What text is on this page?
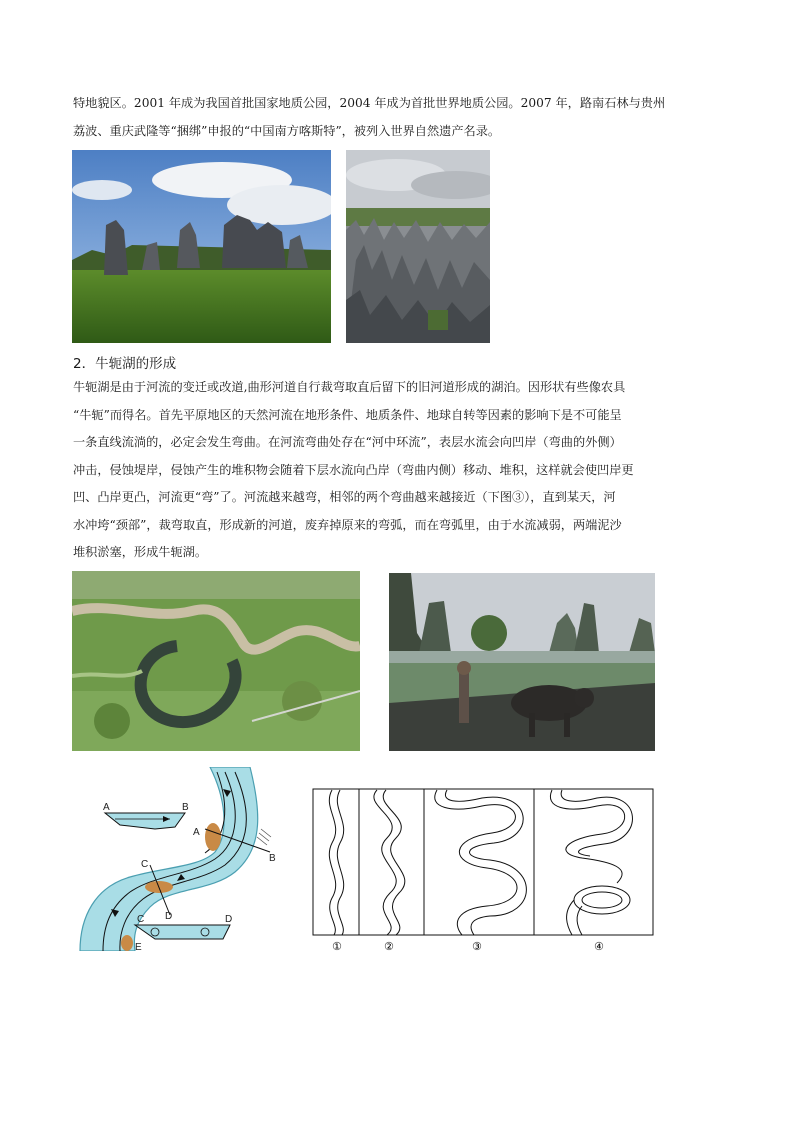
特地貌区。2001 年成为我国首批国家地质公园，2004 年成为首批世界地质公园。2007 年，路南石林与贵州
荔波、重庆武隆等“捆绑”申报的“中国南方喀斯特”，被列入世界自然遗产名录。
2．牛轭湖的形成
牛轭湖是由于河流的变迁或改道,曲形河道自行裁弯取直后留下的旧河道形成的湖泊。因形状有些像农具
“牛轭”而得名。首先平原地区的天然河流在地形条件、地质条件、地球自转等因素的影响下是不可能呈
一条直线流淌的，必定会发生弯曲。在河流弯曲处存在“河中环流”，表层水流会向凹岸（弯曲的外侧）
冲击，侵蚀堤岸，侵蚀产生的堆积物会随着下层水流向凸岸（弯曲内侧）移动、堆积，这样就会使凹岸更
凹、凸岸更凸，河流更“弯”了。河流越来越弯，相邻的两个弯曲越来越接近（下图③），直到某天，河
水冲垮“颈部”，裁弯取直，形成新的河道，废弃掉原来的弯弧，而在弯弧里，由于水流减弱，两端泥沙
堆积淤塞，形成牛轭湖。
A	B
A
B
C
D
C	D
E	①	②	③	④
